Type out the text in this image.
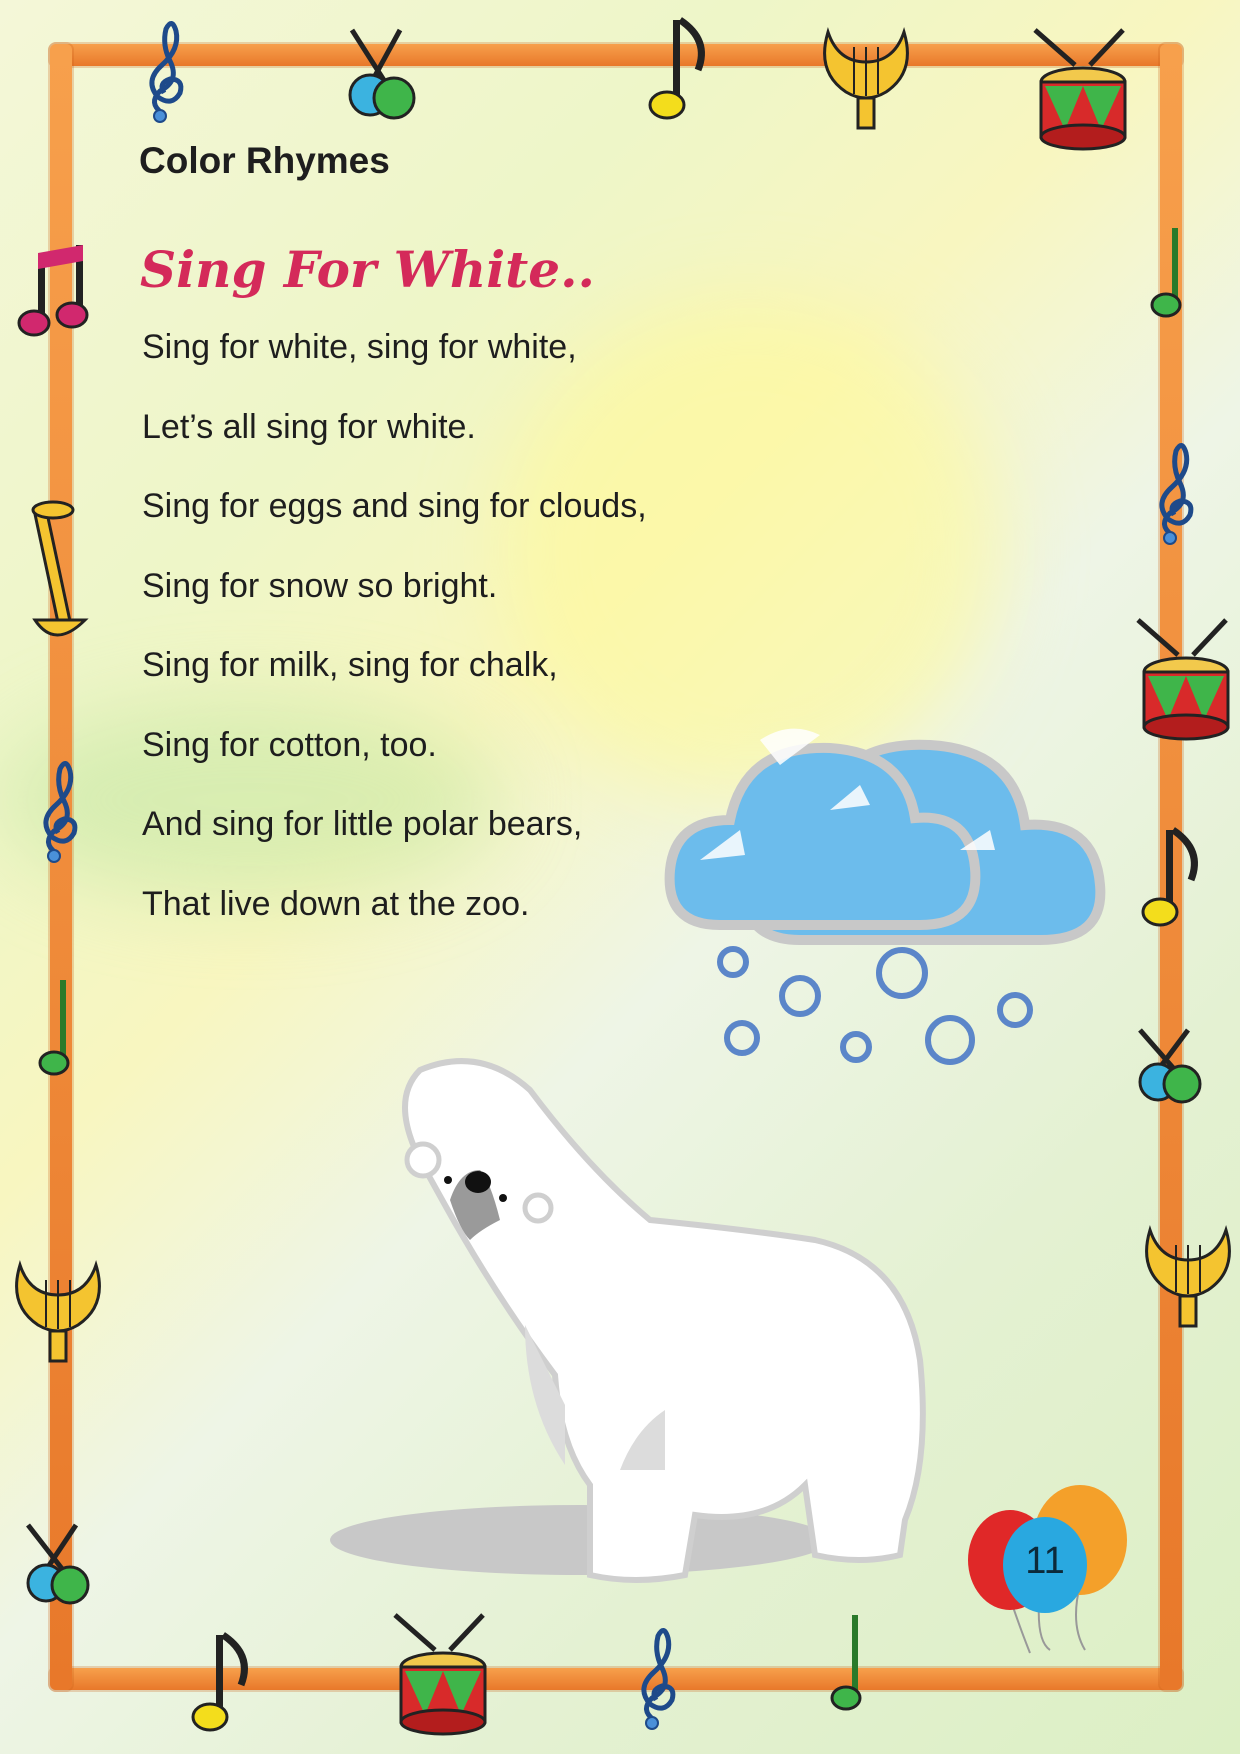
Color Rhymes
Sing For White..
Sing for white, sing for white,
Let’s all sing for white.
Sing for eggs and sing for clouds,
Sing for snow so bright.
Sing for milk, sing for chalk,
Sing for cotton, too.
And sing for little polar bears,
That live down at the zoo.
11
